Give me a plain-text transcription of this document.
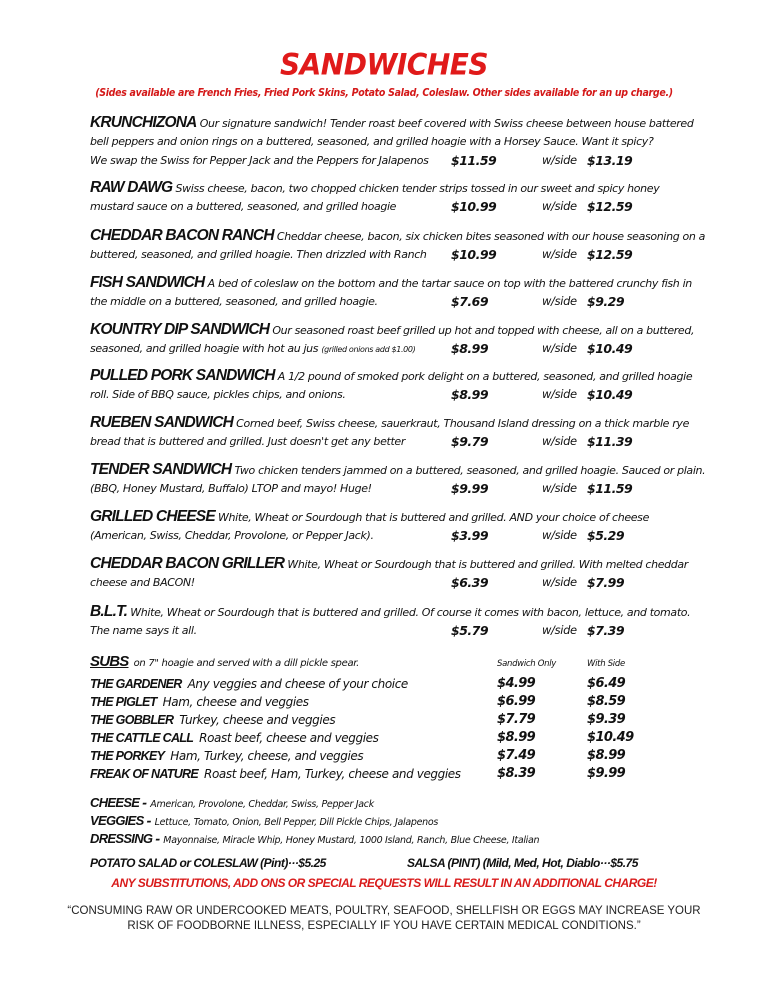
SANDWICHES
(Sides available are French Fries, Fried Pork Skins, Potato Salad, Coleslaw. Other sides available for an up charge.)
KRUNCHIZONA Our signature sandwich! Tender roast beef covered with Swiss cheese between house battered
bell peppers and onion rings on a buttered, seasoned, and grilled hoagie with a Horsey Sauce. Want it spicy?
We swap the Swiss for Pepper Jack and the Peppers for Jalapenos $11.59	w/side $13.19
RAW DAWG Swiss cheese, bacon, two chopped chicken tender strips tossed in our sweet and spicy honey
mustard sauce on a buttered, seasoned, and grilled hoagie	$10.99	w/side $12.59
CHEDDAR BACON RANCH Cheddar cheese, bacon, six chicken bites seasoned with our house seasoning on a
buttered, seasoned, and grilled hoagie. Then drizzled with Ranch $10.99	w/side $12.59
FISH SANDWICH A bed of coleslaw on the bottom and the tartar sauce on top with the battered crunchy fish in
the middle on a buttered, seasoned, and grilled hoagie.	$7.69	w/side $9.29
KOUNTRY DIP SANDWICH Our seasoned roast beef grilled up hot and topped with cheese, all on a buttered,
seasoned, and grilled hoagie with hot au jus (grilled onions add $1.00)	$8.99	w/side $10.49
PULLED PORK SANDWICH A 1/2 pound of smoked pork delight on a buttered, seasoned, and grilled hoagie
roll. Side of BBQ sauce, pickles chips, and onions.	$8.99	w/side $10.49
RUEBEN SANDWICH Corned beef, Swiss cheese, sauerkraut, Thousand Island dressing on a thick marble rye
bread that is buttered and grilled. Just doesn't get any better	$9.79	w/side $11.39
TENDER SANDWICH Two chicken tenders jammed on a buttered, seasoned, and grilled hoagie. Sauced or plain.
(BBQ, Honey Mustard, Buffalo) LTOP and mayo! Huge!	$9.99	w/side $11.59
GRILLED CHEESE White, Wheat or Sourdough that is buttered and grilled. AND your choice of cheese
(American, Swiss, Cheddar, Provolone, or Pepper Jack).	$3.99	w/side $5.29
CHEDDAR BACON GRILLER White, Wheat or Sourdough that is buttered and grilled. With melted cheddar
cheese and BACON!	$6.39	w/side $7.99
B.L.T. White, Wheat or Sourdough that is buttered and grilled. Of course it comes with bacon, lettuce, and tomato.
The name says it all.	$5.79	w/side $7.39
SUBS on 7" hoagie and served with a dill pickle spear.	Sandwich Only	With Side
THE GARDENER Any veggies and cheese of your choice	$4.99	$6.49
THE PIGLET Ham, cheese and veggies	$6.99	$8.59
THE GOBBLER Turkey, cheese and veggies	$7.79	$9.39
THE CATTLE CALL Roast beef, cheese and veggies	$8.99	$10.49
THE PORKEY Ham, Turkey, cheese, and veggies	$7.49	$8.99
FREAK OF NATURE Roast beef, Ham, Turkey, cheese and veggies	$8.39	$9.99
CHEESE - American, Provolone, Cheddar, Swiss, Pepper Jack
VEGGIES - Lettuce, Tomato, Onion, Bell Pepper, Dill Pickle Chips, Jalapenos
DRESSING - Mayonnaise, Miracle Whip, Honey Mustard, 1000 Island, Ranch, Blue Cheese, Italian
POTATO SALAD or COLESLAW (Pint)···$5.25	SALSA (PINT) (Mild, Med, Hot, Diablo···$5.75
ANY SUBSTITUTIONS, ADD ONS OR SPECIAL REQUESTS WILL RESULT IN AN ADDITIONAL CHARGE!
“CONSUMING RAW OR UNDERCOOKED MEATS, POULTRY, SEAFOOD, SHELLFISH OR EGGS MAY INCREASE YOUR
RISK OF FOODBORNE ILLNESS, ESPECIALLY IF YOU HAVE CERTAIN MEDICAL CONDITIONS.”
